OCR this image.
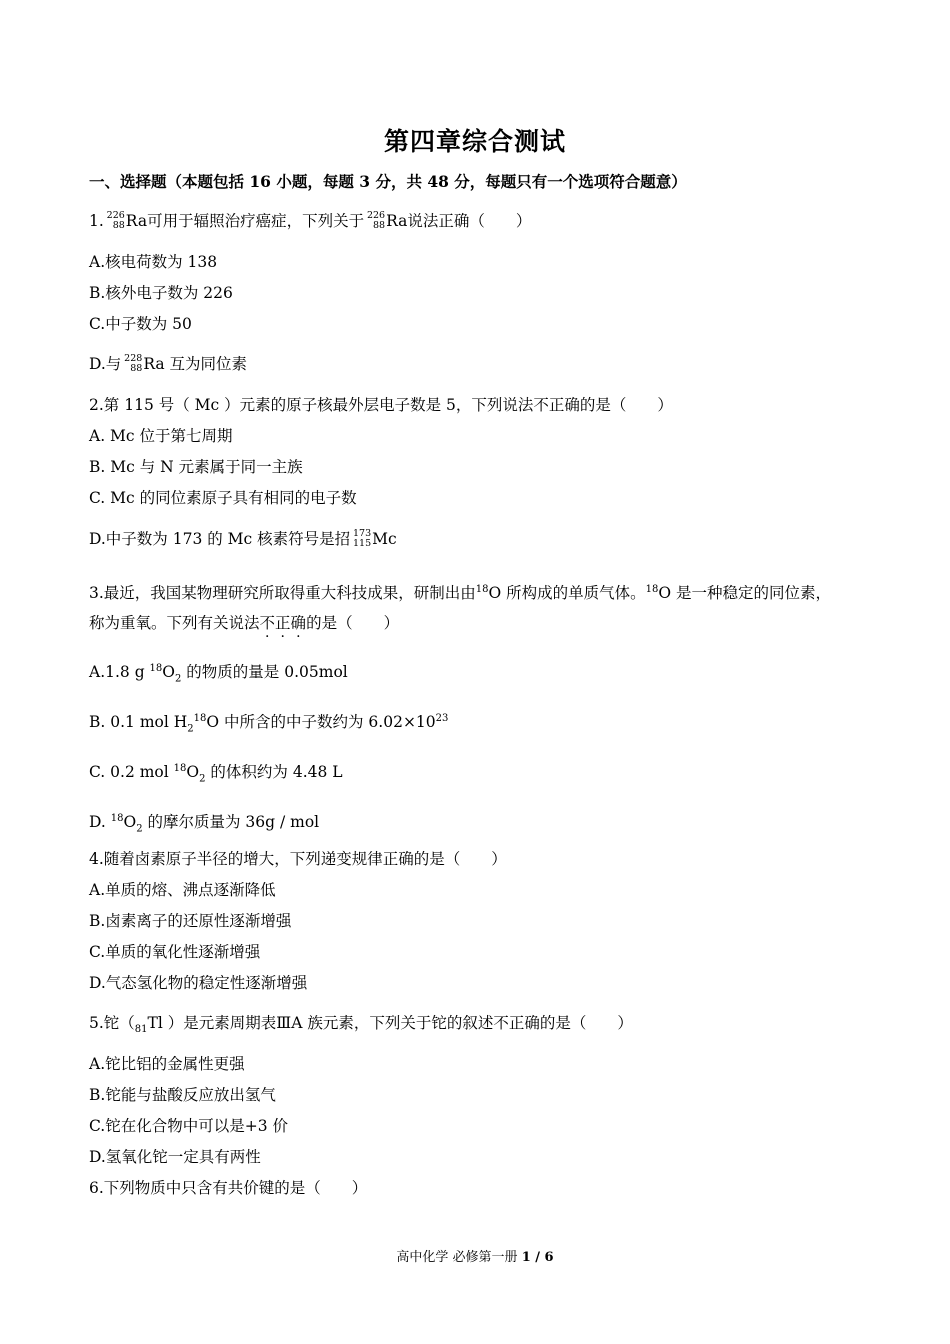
第四章综合测试
一、选择题（本题包括 16 小题，每题 3 分，共 48 分，每题只有一个选项符合题意）
1. 226
88 Ra可用于辐照治疗癌症，下列关于 226
88 Ra说法正确（　　）
A.核电荷数为 138
B.核外电子数为 226
C.中子数为 50
D.与 228
88 Ra 互为同位素
2.第 115 号（ Mc ）元素的原子核最外层电子数是 5，下列说法不正确的是（　　）
A. Mc 位于第七周期
B. Mc 与 N 元素属于同一主族
C. Mc 的同位素原子具有相同的电子数
D.中子数为 173 的 Mc 核素符号是招 173
115 Mc
3.最近，我国某物理研究所取得重大科技成果，研制出由$^{18}$O 所构成的单质气体。$^{18}$O 是一种稳定的同位素，
称为重氧。下列有关说法不正确的是（　　）
A.1.8 g $^{18}O_2$ 的物质的量是 0.05mol
B. 0.1 mol $H_2^{18}O$ 中所含的中子数约为 $6.02\times 10^{23}$
C. 0.2 mol $^{18}O_2$ 的体积约为 4.48 L
D. $^{18}O_2$ 的摩尔质量为 36g / mol
4.随着卤素原子半径的增大，下列递变规律正确的是（　　）
A.单质的熔、沸点逐渐降低
B.卤素离子的还原性逐渐增强
C.单质的氧化性逐渐增强
D.气态氢化物的稳定性逐渐增强
5.铊（$_{81}Tl$ ）是元素周期表ⅢA 族元素，下列关于铊的叙述不正确的是（　　）
A.铊比铝的金属性更强
B.铊能与盐酸反应放出氢气
C.铊在化合物中可以是+3 价
D.氢氧化铊一定具有两性
6.下列物质中只含有共价键的是（　　）
高中化学 必修第一册 1 / 6
